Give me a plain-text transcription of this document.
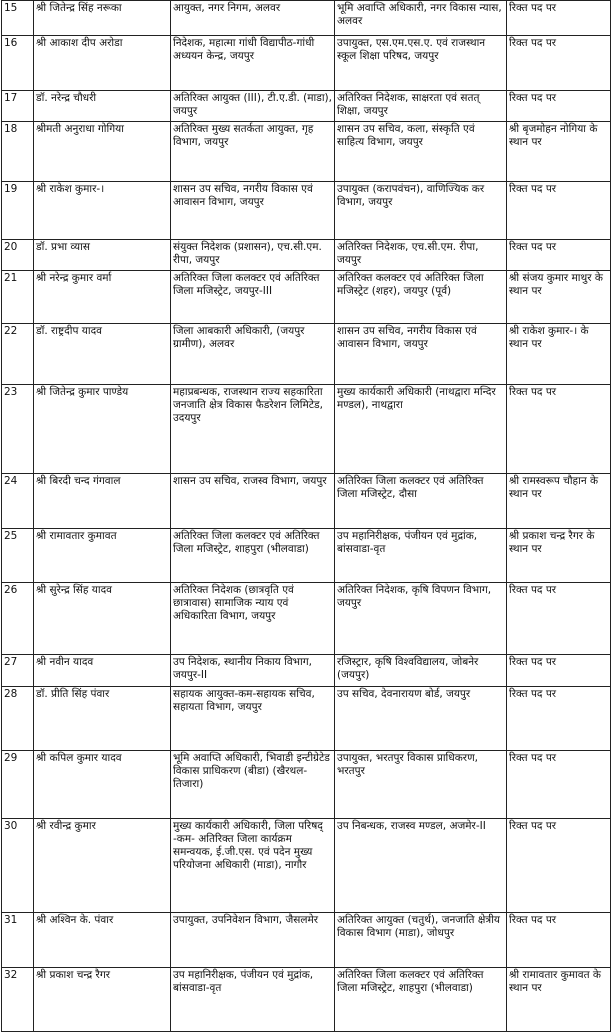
15	श्री जितेन्द्र सिंह नरूका	आयुक्त, नगर निगम, अलवर	भूमि अवाप्ति अधिकारी, नगर विकास न्यास, अलवर	रिक्त पद पर
16	श्री आकाश दीप अरोडा	निदेशक, महात्मा गांधी विद्यापीठ-गांधी अध्ययन केन्द्र, जयपुर	उपायुक्त, एस.एम.एस.ए. एवं राजस्थान स्कूल शिक्षा परिषद, जयपुर	रिक्त पद पर
17	डॉ. नरेन्द्र चौधरी	अतिरिक्त आयुक्त (III), टी.ए.डी. (माडा), जयपुर	अतिरिक्त निदेशक, साक्षरता एवं सतत् शिक्षा, जयपुर	रिक्त पद पर
18	श्रीमती अनुराधा गोगिया	अतिरिक्त मुख्य सतर्कता आयुक्त, गृह विभाग, जयपुर	शासन उप सचिव, कला, संस्कृति एवं साहित्य विभाग, जयपुर	श्री बृजमोहन नोगिया के स्थान पर
19	श्री राकेश कुमार-।	शासन उप सचिव, नगरीय विकास एवं आवासन विभाग, जयपुर	उपायुक्त (करापवंचन), वाणिज्यिक कर विभाग, जयपुर	रिक्त पद पर
20	डॉ. प्रभा व्यास	संयुक्त निदेशक (प्रशासन), एच.सी.एम. रीपा, जयपुर	अतिरिक्त निदेशक, एच.सी.एम. रीपा, जयपुर	रिक्त पद पर
21	श्री नरेन्द्र कुमार वर्मा	अतिरिक्त जिला कलक्टर एवं अतिरिक्त जिला मजिस्ट्रेट, जयपुर-III	अतिरिक्त कलक्टर एवं अतिरिक्त जिला मजिस्ट्रेट (शहर), जयपुर (पूर्व)	श्री संजय कुमार माथुर के स्थान पर
22	डॉ. राष्ट्रदीप यादव	जिला आबकारी अधिकारी, (जयपुर ग्रामीण), अलवर	शासन उप सचिव, नगरीय विकास एवं आवासन विभाग, जयपुर	श्री राकेश कुमार-। के स्थान पर
23	श्री जितेन्द्र कुमार पाण्डेय	महाप्रबन्धक, राजस्थान राज्य सहकारिता जनजाति क्षेत्र विकास फैडरेशन लिमिटेड, उदयपुर	मुख्य कार्यकारी अधिकारी (नाथद्वारा मन्दिर मण्डल), नाथद्वारा	रिक्त पद पर
24	श्री बिरदी चन्द गंगवाल	शासन उप सचिव, राजस्व विभाग, जयपुर	अतिरिक्त जिला कलक्टर एवं अतिरिक्त जिला मजिस्ट्रेट, दौसा	श्री रामस्वरूप चौहान के स्थान पर
25	श्री रामावतार कुमावत	अतिरिक्त जिला कलक्टर एवं अतिरिक्त जिला मजिस्ट्रेट, शाहपुरा (भीलवाडा)	उप महानिरीक्षक, पंजीयन एवं मुद्रांक, बांसवाडा-वृत	श्री प्रकाश चन्द्र रैगर के स्थान पर
26	श्री सुरेन्द्र सिंह यादव	अतिरिक्त निदेशक (छात्रवृति एवं छात्रावास) सामाजिक न्याय एवं अधिकारिता विभाग, जयपुर	अतिरिक्त निदेशक, कृषि विपणन विभाग, जयपुर	रिक्त पद पर
27	श्री नवीन यादव	उप निदेशक, स्थानीय निकाय विभाग, जयपुर-II	रजिस्ट्रार, कृषि विश्वविद्यालय, जोबनेर (जयपुर)	रिक्त पद पर
28	डॉ. प्रीति सिंह पंवार	सहायक आयुक्त-कम-सहायक सचिव, सहायता विभाग, जयपुर	उप सचिव, देवनारायण बोर्ड, जयपुर	रिक्त पद पर
29	श्री कपिल कुमार यादव	भूमि अवाप्ति अधिकारी, भिवाडी इन्टीग्रेटेड विकास प्राधिकरण (बीडा) (खैरथल-तिजारा)	उपायुक्त, भरतपुर विकास प्राधिकरण, भरतपुर	रिक्त पद पर
30	श्री रवीन्द्र कुमार	मुख्य कार्यकारी अधिकारी, जिला परिषद् -कम- अतिरिक्त जिला कार्यक्रम समन्वयक, ई.जी.एस. एवं पदेन मुख्य परियोजना अधिकारी (माडा), नागौर	उप निबन्धक, राजस्व मण्डल, अजमेर-II	रिक्त पद पर
31	श्री अश्विन के. पंवार	उपायुक्त, उपनिवेशन विभाग, जैसलमेर	अतिरिक्त आयुक्त (चतुर्थ), जनजाति क्षेत्रीय विकास विभाग (माडा), जोधपुर	रिक्त पद पर
32	श्री प्रकाश चन्द्र रैगर	उप महानिरीक्षक, पंजीयन एवं मुद्रांक, बांसवाडा-वृत	अतिरिक्त जिला कलक्टर एवं अतिरिक्त जिला मजिस्ट्रेट, शाहपुरा (भीलवाडा)	श्री रामावतार कुमावत के स्थान पर
